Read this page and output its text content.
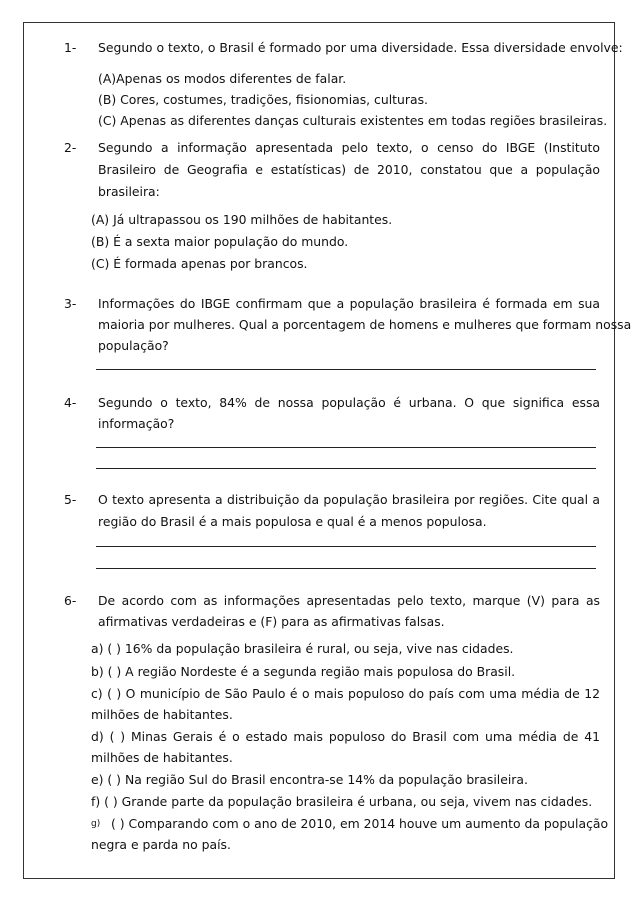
1- Segundo o texto, o Brasil é formado por uma diversidade. Essa diversidade envolve:
(A)Apenas os modos diferentes de falar.
(B) Cores, costumes, tradições, fisionomias, culturas.
(C) Apenas as diferentes danças culturais existentes em todas regiões brasileiras.
2- Segundo a informação apresentada pelo texto, o censo do IBGE (Instituto
Brasileiro de Geografia e estatísticas) de 2010, constatou que a população
brasileira:
(A) Já ultrapassou os 190 milhões de habitantes.
(B) É a sexta maior população do mundo.
(C) É formada apenas por brancos.
3- Informações do IBGE confirmam que a população brasileira é formada em sua
maioria por mulheres. Qual a porcentagem de homens e mulheres que formam nossa
população?
4- Segundo o texto, 84% de nossa população é urbana. O que significa essa
informação?
5- O texto apresenta a distribuição da população brasileira por regiões. Cite qual a
região do Brasil é a mais populosa e qual é a menos populosa.
6- De acordo com as informações apresentadas pelo texto, marque (V) para as
afirmativas verdadeiras e (F) para as afirmativas falsas.
a) ( ) 16% da população brasileira é rural, ou seja, vive nas cidades.
b) ( ) A região Nordeste é a segunda região mais populosa do Brasil.
c) ( ) O município de São Paulo é o mais populoso do país com uma média de 12
milhões de habitantes.
d) ( ) Minas Gerais é o estado mais populoso do Brasil com uma média de 41
milhões de habitantes.
e) ( ) Na região Sul do Brasil encontra-se 14% da população brasileira.
f) ( ) Grande parte da população brasileira é urbana, ou seja, vivem nas cidades.
g) ( ) Comparando com o ano de 2010, em 2014 houve um aumento da população
negra e parda no país.
